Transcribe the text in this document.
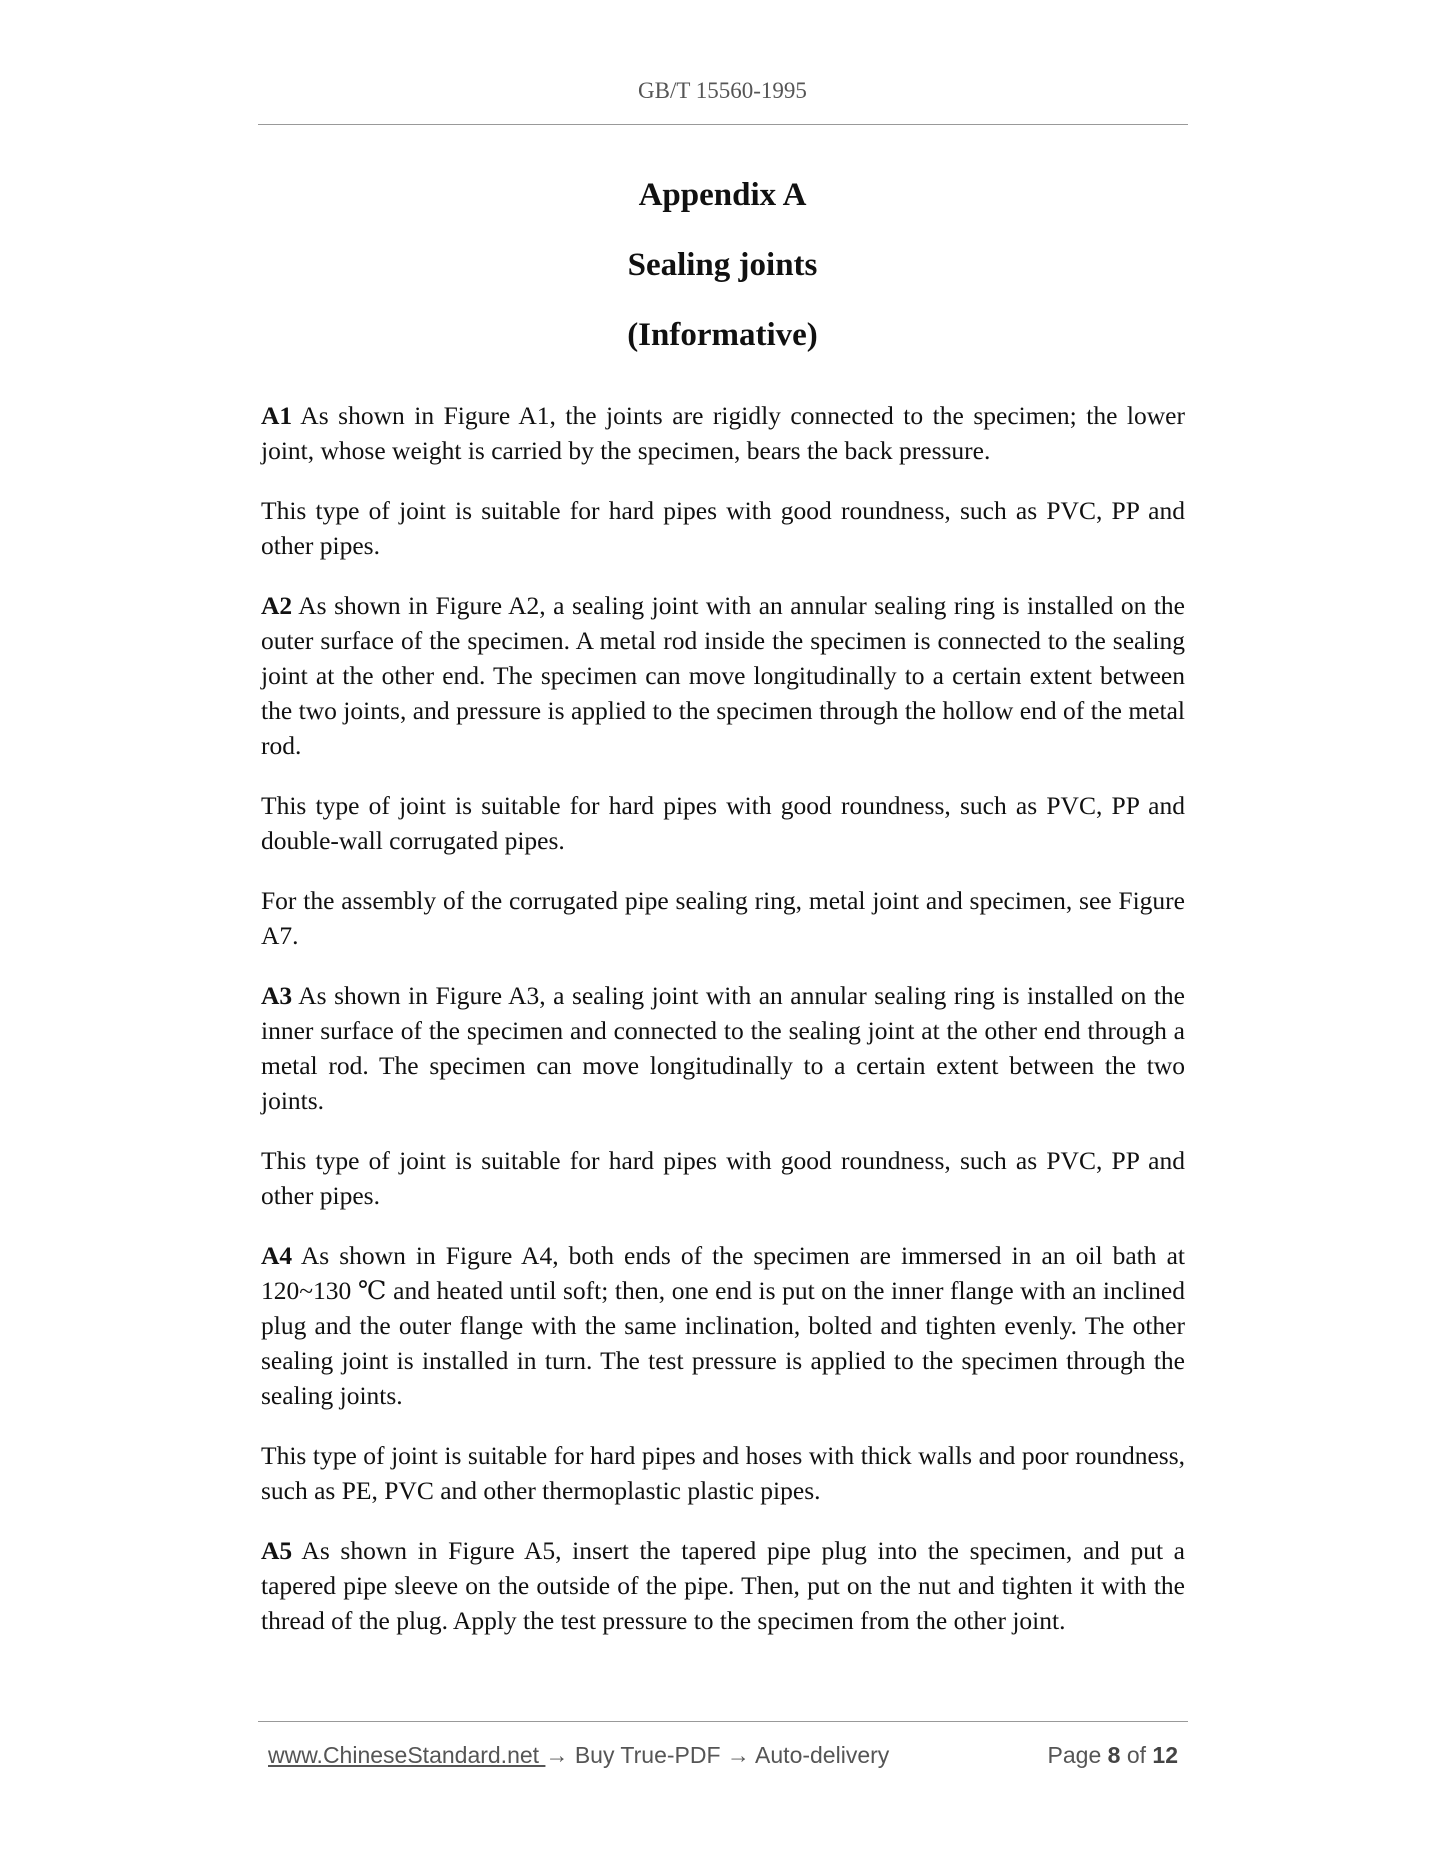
GB/T 15560-1995

Appendix A

Sealing joints

(Informative)

A1 As shown in Figure A1, the joints are rigidly connected to the specimen; the lower joint, whose weight is carried by the specimen, bears the back pressure.

This type of joint is suitable for hard pipes with good roundness, such as PVC, PP and other pipes.

A2 As shown in Figure A2, a sealing joint with an annular sealing ring is installed on the outer surface of the specimen. A metal rod inside the specimen is connected to the sealing joint at the other end. The specimen can move longitudinally to a certain extent between the two joints, and pressure is applied to the specimen through the hollow end of the metal rod.

This type of joint is suitable for hard pipes with good roundness, such as PVC, PP and double-wall corrugated pipes.

For the assembly of the corrugated pipe sealing ring, metal joint and specimen, see Figure A7.

A3 As shown in Figure A3, a sealing joint with an annular sealing ring is installed on the inner surface of the specimen and connected to the sealing joint at the other end through a metal rod. The specimen can move longitudinally to a certain extent between the two joints.

This type of joint is suitable for hard pipes with good roundness, such as PVC, PP and other pipes.

A4 As shown in Figure A4, both ends of the specimen are immersed in an oil bath at 120~130 ℃ and heated until soft; then, one end is put on the inner flange with an inclined plug and the outer flange with the same inclination, bolted and tighten evenly. The other sealing joint is installed in turn. The test pressure is applied to the specimen through the sealing joints.

This type of joint is suitable for hard pipes and hoses with thick walls and poor roundness, such as PE, PVC and other thermoplastic plastic pipes.

A5 As shown in Figure A5, insert the tapered pipe plug into the specimen, and put a tapered pipe sleeve on the outside of the pipe. Then, put on the nut and tighten it with the thread of the plug. Apply the test pressure to the specimen from the other joint.

www.ChineseStandard.net → Buy True-PDF → Auto-delivery	Page 8 of 12
